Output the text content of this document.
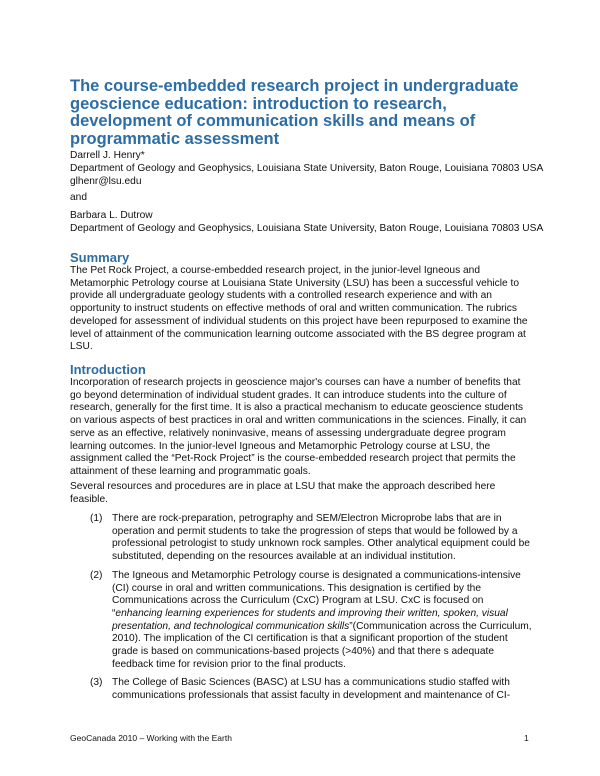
The course-embedded research project in undergraduate geoscience education: introduction to research, development of communication skills and means of programmatic assessment
Darrell J. Henry*
Department of Geology and Geophysics, Louisiana State University, Baton Rouge, Louisiana 70803 USA
glhenr@lsu.edu
and
Barbara L. Dutrow
Department of Geology and Geophysics, Louisiana State University, Baton Rouge, Louisiana 70803 USA
Summary

The Pet Rock Project, a course-embedded research project, in the junior-level Igneous and Metamorphic Petrology course at Louisiana State University (LSU) has been a successful vehicle to provide all undergraduate geology students with a controlled research experience and with an opportunity to instruct students on effective methods of oral and written communication. The rubrics developed for assessment of individual students on this project have been repurposed to examine the level of attainment of the communication learning outcome associated with the BS degree program at LSU.

Introduction

Incorporation of research projects in geoscience major's courses can have a number of benefits that go beyond determination of individual student grades. It can introduce students into the culture of research, generally for the first time. It is also a practical mechanism to educate geoscience students on various aspects of best practices in oral and written communications in the sciences. Finally, it can serve as an effective, relatively noninvasive, means of assessing undergraduate degree program learning outcomes. In the junior-level Igneous and Metamorphic Petrology course at LSU, the assignment called the “Pet-Rock Project” is the course-embedded research project that permits the attainment of these learning and programmatic goals.

Several resources and procedures are in place at LSU that make the approach described here feasible.

(1) There are rock-preparation, petrography and SEM/Electron Microprobe labs that are in operation and permit students to take the progression of steps that would be followed by a professional petrologist to study unknown rock samples. Other analytical equipment could be substituted, depending on the resources available at an individual institution.
(2) The Igneous and Metamorphic Petrology course is designated a communications-intensive (CI) course in oral and written communications. This designation is certified by the Communications across the Curriculum (CxC) Program at LSU. CxC is focused on “enhancing learning experiences for students and improving their written, spoken, visual presentation, and technological communication skills”(Communication across the Curriculum, 2010). The implication of the CI certification is that a significant proportion of the student grade is based on communications-based projects (>40%) and that there s adequate feedback time for revision prior to the final products.
(3) The College of Basic Sciences (BASC) at LSU has a communications studio staffed with communications professionals that assist faculty in development and maintenance of CI-
GeoCanada 2010 – Working with the Earth	1
